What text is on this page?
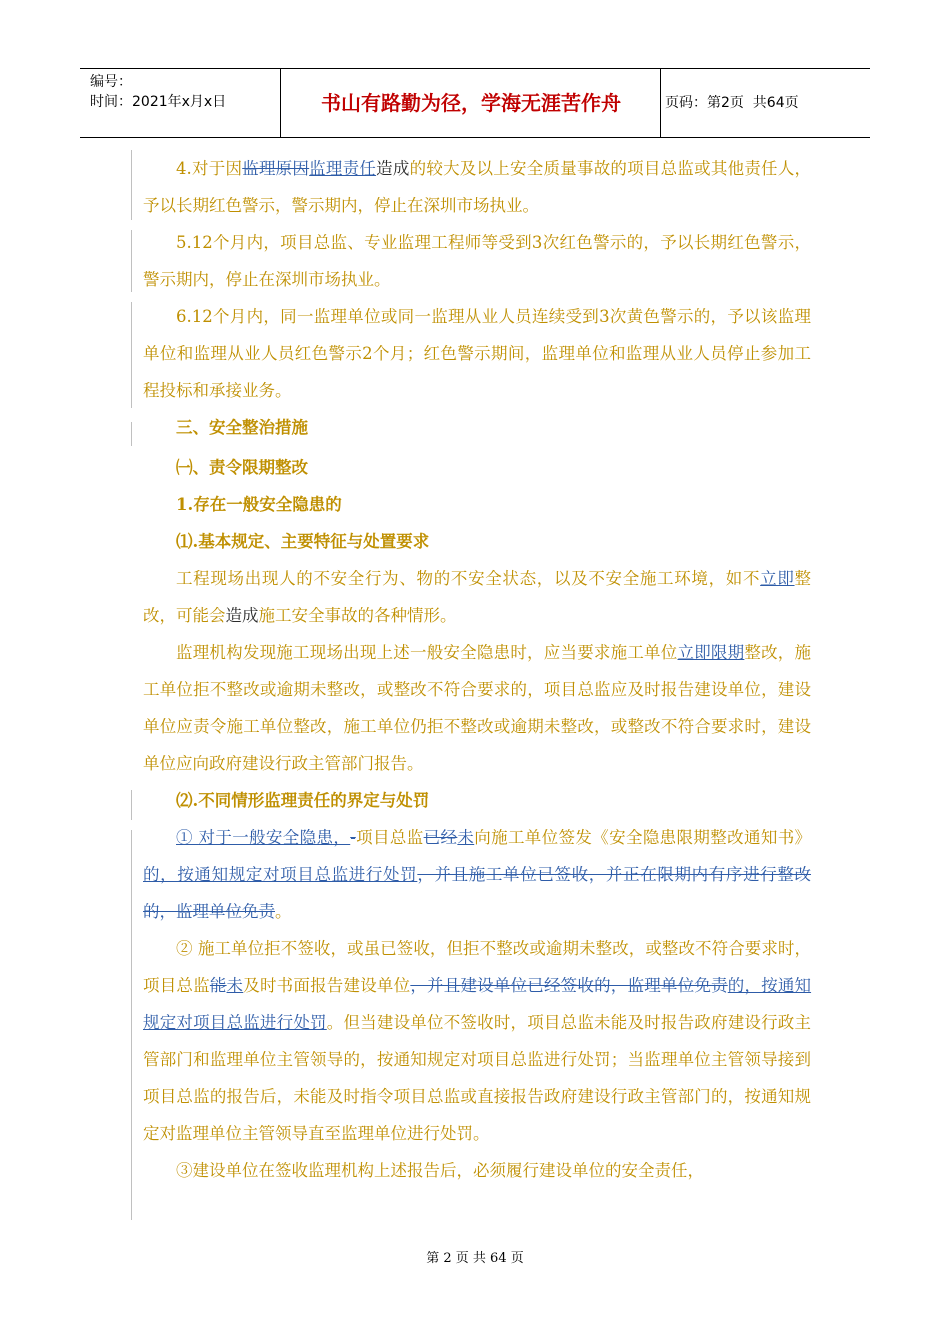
编号：
时间：2021年x月x日	书山有路勤为径，学海无涯苦作舟	页码：第2页  共64页

4.对于因监理原因监理责任造成的较大及以上安全质量事故的项目总监或其他责任人，予以长期红色警示，警示期内，停止在深圳市场执业。

5.12个月内，项目总监、专业监理工程师等受到3次红色警示的，予以长期红色警示，警示期内，停止在深圳市场执业。

6.12个月内，同一监理单位或同一监理从业人员连续受到3次黄色警示的，予以该监理单位和监理从业人员红色警示2个月；红色警示期间，监理单位和监理从业人员停止参加工程投标和承接业务。

三、安全整治措施

㈠、责令限期整改

1.存在一般安全隐患的

⑴.基本规定、主要特征与处置要求

工程现场出现人的不安全行为、物的不安全状态，以及不安全施工环境，如不立即整改，可能会造成施工安全事故的各种情形。

监理机构发现施工现场出现上述一般安全隐患时，应当要求施工单位立即限期整改，施工单位拒不整改或逾期未整改，或整改不符合要求的，项目总监应及时报告建设单位，建设单位应责令施工单位整改，施工单位仍拒不整改或逾期未整改，或整改不符合要求时，建设单位应向政府建设行政主管部门报告。

⑵.不同情形监理责任的界定与处罚

① 对于一般安全隐患，-项目总监已经未向施工单位签发《安全隐患限期整改通知书》的，按通知规定对项目总监进行处罚，并且施工单位已签收，并正在限期内有序进行整改的，监理单位免责。

② 施工单位拒不签收，或虽已签收，但拒不整改或逾期未整改，或整改不符合要求时，项目总监能未及时书面报告建设单位，并且建设单位已经签收的，监理单位免责的，按通知规定对项目总监进行处罚。但当建设单位不签收时，项目总监未能及时报告政府建设行政主管部门和监理单位主管领导的，按通知规定对项目总监进行处罚；当监理单位主管领导接到项目总监的报告后，未能及时指令项目总监或直接报告政府建设行政主管部门的，按通知规定对监理单位主管领导直至监理单位进行处罚。

③建设单位在签收监理机构上述报告后，必须履行建设单位的安全责任，

第 2 页 共 64 页
